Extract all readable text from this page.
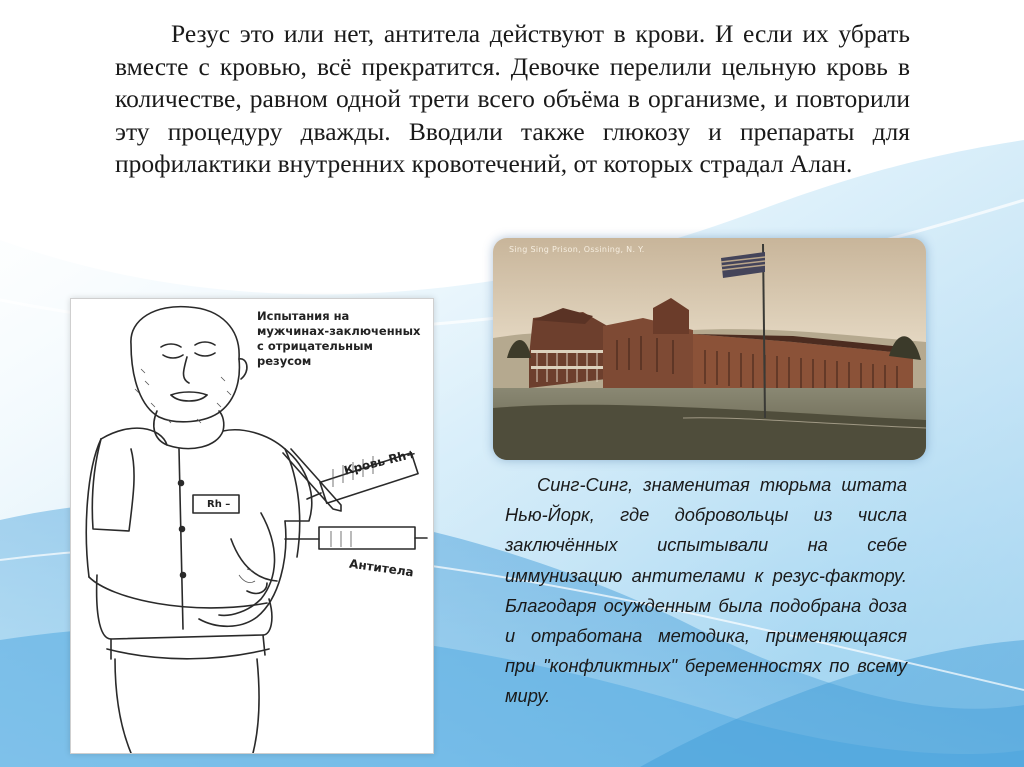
Резус это или нет, антитела действуют в крови. И если их убрать вместе с кровью, всё прекратится. Девочке перелили цельную кровь в количестве, равном одной трети всего объёма в организме, и повторили эту процедуру дважды. Вводили также глюкозу и препараты для профилактики внутренних кровотечений, от которых страдал Алан.

Испытания на
мужчинах-заключенных
с отрицательным
резусом

Кровь Rh+
Антитела
Rh –
Sing Sing Prison, Ossining, N. Y.

Синг-Синг, знаменитая тюрьма штата Нью-Йорк, где добровольцы из числа заключённых испытывали на себе иммунизацию антителами к резус-фактору. Благодаря осужденным была подобрана доза и отработана методика, применяющаяся при "конфликтных" беременностях по всему миру.
